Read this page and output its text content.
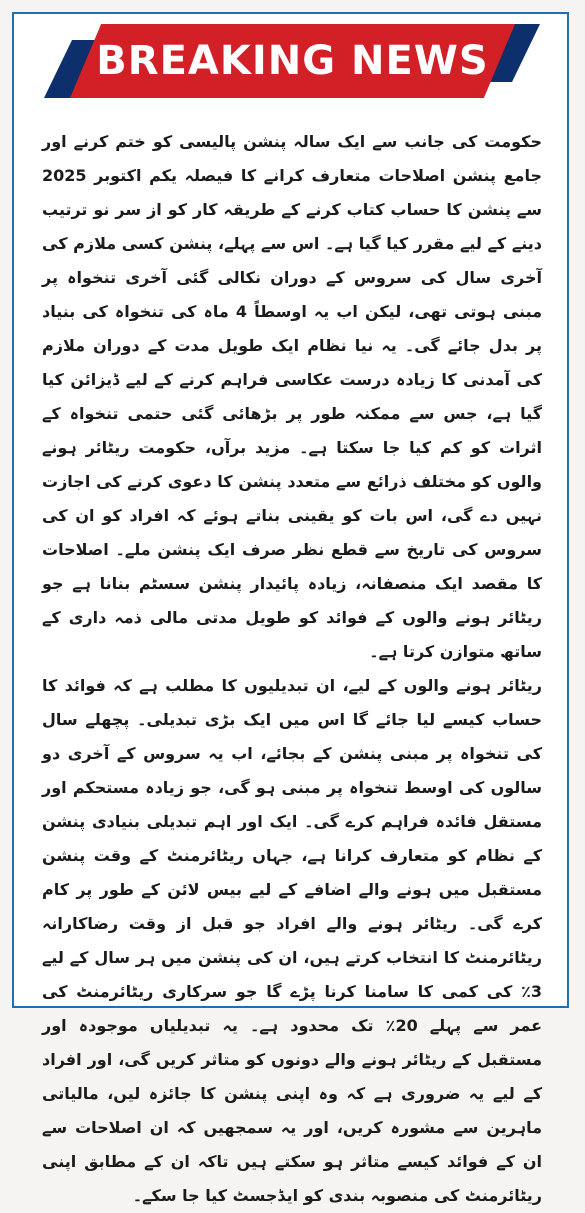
BREAKING NEWS

حکومت کی جانب سے ایک سالہ پنشن پالیسی کو ختم کرنے اور جامع پنشن اصلاحات متعارف کرانے کا فیصلہ یکم اکتوبر 2025 سے پنشن کا حساب کتاب کرنے کے طریقہ کار کو از سر نو ترتیب دینے کے لیے مقرر کیا گیا ہے۔ اس سے پہلے، پنشن کسی ملازم کی آخری سال کی سروس کے دوران نکالی گئی آخری تنخواہ پر مبنی ہوتی تھی، لیکن اب یہ اوسطاً 4 ماہ کی تنخواہ کی بنیاد پر بدل جائے گی۔ یہ نیا نظام ایک طویل مدت کے دوران ملازم کی آمدنی کا زیادہ درست عکاسی فراہم کرنے کے لیے ڈیزائن کیا گیا ہے، جس سے ممکنہ طور پر بڑھائی گئی حتمی تنخواہ کے اثرات کو کم کیا جا سکتا ہے۔ مزید برآں، حکومت ریٹائر ہونے والوں کو مختلف ذرائع سے متعدد پنشن کا دعوی کرنے کی اجازت نہیں دے گی، اس بات کو یقینی بناتے ہوئے کہ افراد کو ان کی سروس کی تاریخ سے قطع نظر صرف ایک پنشن ملے۔ اصلاحات کا مقصد ایک منصفانہ، زیادہ پائیدار پنشن سسٹم بنانا ہے جو ریٹائر ہونے والوں کے فوائد کو طویل مدتی مالی ذمہ داری کے ساتھ متوازن کرتا ہے۔

ریٹائر ہونے والوں کے لیے، ان تبدیلیوں کا مطلب ہے کہ فوائد کا حساب کیسے لیا جائے گا اس میں ایک بڑی تبدیلی۔ پچھلے سال کی تنخواہ پر مبنی پنشن کے بجائے، اب یہ سروس کے آخری دو سالوں کی اوسط تنخواہ پر مبنی ہو گی، جو زیادہ مستحکم اور مستقل فائدہ فراہم کرے گی۔ ایک اور اہم تبدیلی بنیادی پنشن کے نظام کو متعارف کرانا ہے، جہاں ریٹائرمنٹ کے وقت پنشن مستقبل میں ہونے والے اضافے کے لیے بیس لائن کے طور پر کام کرے گی۔ ریٹائر ہونے والے افراد جو قبل از وقت رضاکارانہ ریٹائرمنٹ کا انتخاب کرتے ہیں، ان کی پنشن میں ہر سال کے لیے 3٪ کی کمی کا سامنا کرنا پڑے گا جو سرکاری ریٹائرمنٹ کی عمر سے پہلے 20٪ تک محدود ہے۔ یہ تبدیلیاں موجودہ اور مستقبل کے ریٹائر ہونے والے دونوں کو متاثر کریں گی، اور افراد کے لیے یہ ضروری ہے کہ وہ اپنی پنشن کا جائزہ لیں، مالیاتی ماہرین سے مشورہ کریں، اور یہ سمجھیں کہ ان اصلاحات سے ان کے فوائد کیسے متاثر ہو سکتے ہیں تاکہ ان کے مطابق اپنی ریٹائرمنٹ کی منصوبہ بندی کو ایڈجسٹ کیا جا سکے۔
